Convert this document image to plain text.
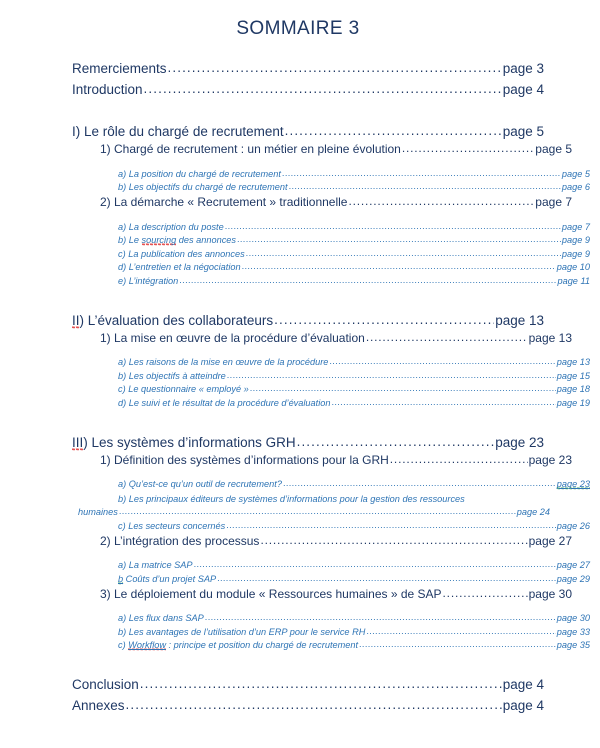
SOMMAIRE 3
Remerciements .....	page 3
Introduction .....	page 4
I) Le rôle du chargé de recrutement .....	page 5
1) Chargé de recrutement : un métier en pleine évolution .....	page 5
a) La position du chargé de recrutement .....	page 5
b) Les objectifs du chargé de recrutement .....	page 6
2) La démarche « Recrutement » traditionnelle .....	page 7
a) La description du poste .....	page 7
b) Le sourcing des annonces .....	page 9
c) La publication des annonces .....	page 9
d) L’entretien et la négociation .....	page 10
e) L’intégration .....	page 11
II) L’évaluation des collaborateurs .....	page 13
1) La mise en œuvre de la procédure d’évaluation .....	page 13
a) Les raisons de la mise en œuvre de la procédure .....	page 13
b) Les objectifs à atteindre .....	page 15
c) Le questionnaire « employé » .....	page 18
d) Le suivi et le résultat de la procédure d’évaluation .....	page 19
III) Les systèmes d’informations GRH .....	page 23
1) Définition des systèmes d’informations pour la GRH .....	page 23
a) Qu’est-ce qu’un outil de recrutement? .....	page 23
b) Les principaux éditeurs de systèmes d’informations pour la gestion des ressources
humaines .....	page 24
c) Les secteurs concernés .....	page 26
2) L’intégration des processus .....	page 27
a) La matrice SAP .....	page 27
b Coûts d’un projet SAP .....	page 29
3) Le déploiement du module « Ressources humaines » de SAP .....	page 30
a) Les flux dans SAP .....	page 30
b) Les avantages de l’utilisation d’un ERP pour le service RH .....	page 33
c) Workflow : principe et position du chargé de recrutement .....	page 35
Conclusion .....	page 4
Annexes .....	page 4
